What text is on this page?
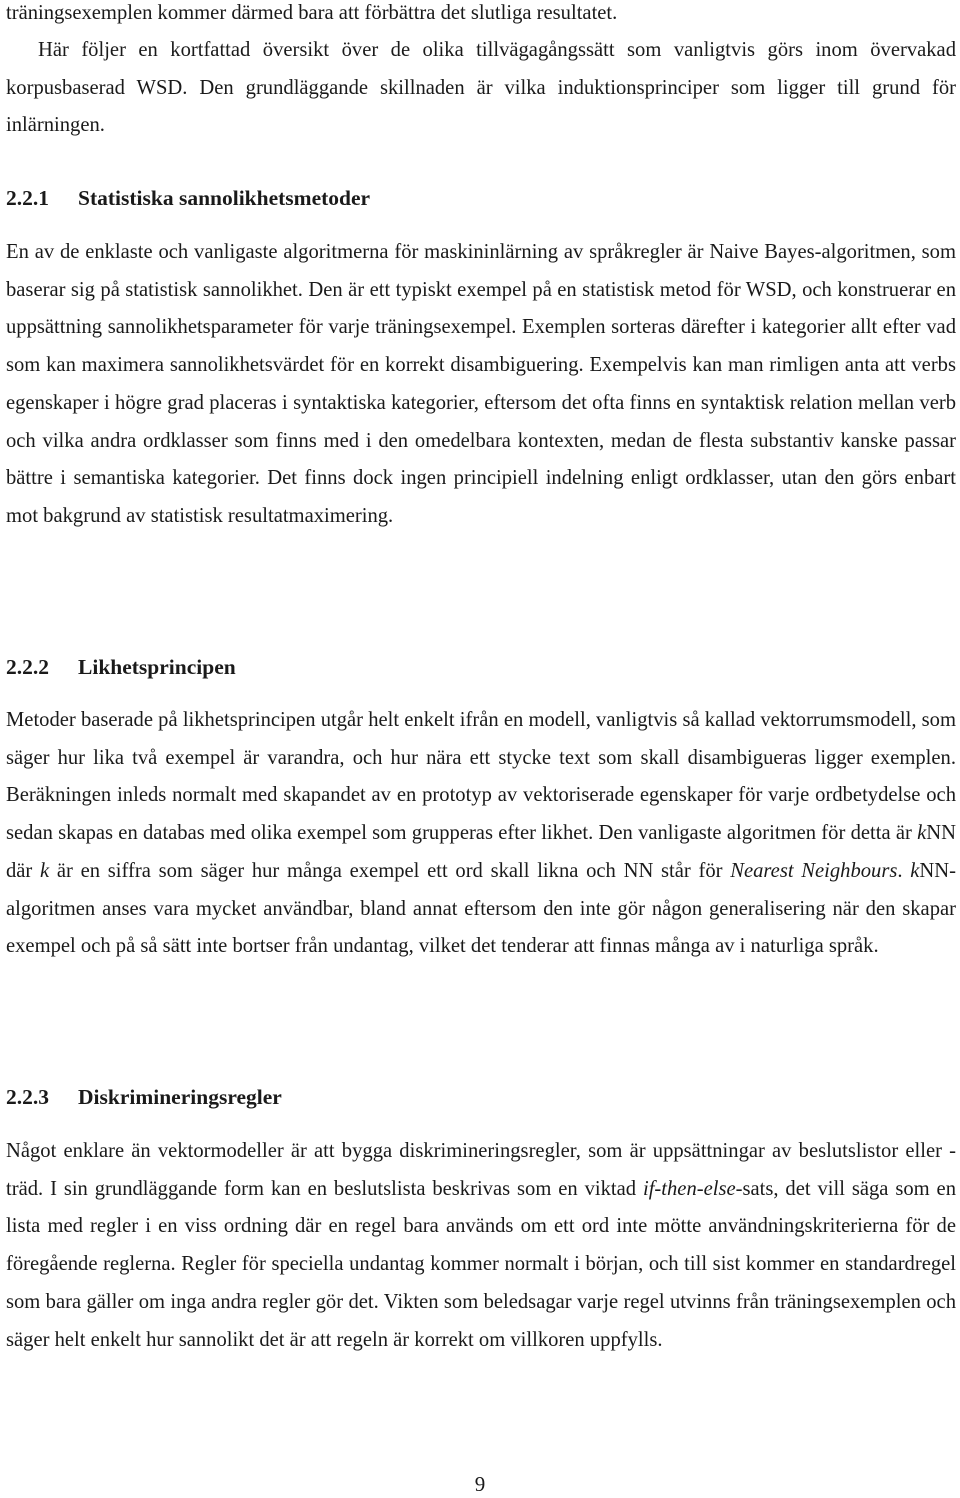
träningsexemplen kommer därmed bara att förbättra det slutliga resultatet.

Här följer en kortfattad översikt över de olika tillvägagångssätt som vanligtvis görs inom övervakad korpusbaserad WSD. Den grundläggande skillnaden är vilka induktionsprinciper som ligger till grund för inlärningen.

2.2.1 Statistiska sannolikhetsmetoder

En av de enklaste och vanligaste algoritmerna för maskininlärning av språkregler är Naive Bayes-algoritmen, som baserar sig på statistisk sannolikhet. Den är ett typiskt exempel på en statistisk metod för WSD, och konstruerar en uppsättning sannolikhetsparameter för varje träningsexempel. Exemplen sorteras därefter i kategorier allt efter vad som kan maximera sannolikhetsvärdet för en korrekt disambiguering. Exempelvis kan man rimligen anta att verbs egenskaper i högre grad placeras i syntaktiska kategorier, eftersom det ofta finns en syntaktisk relation mellan verb och vilka andra ordklasser som finns med i den omedelbara kontexten, medan de flesta substantiv kanske passar bättre i semantiska kategorier. Det finns dock ingen principiell indelning enligt ordklasser, utan den görs enbart mot bakgrund av statistisk resultatmaximering.

2.2.2 Likhetsprincipen

Metoder baserade på likhetsprincipen utgår helt enkelt ifrån en modell, vanligtvis så kallad vektorrumsmodell, som säger hur lika två exempel är varandra, och hur nära ett stycke text som skall disambigueras ligger exemplen. Beräkningen inleds normalt med skapandet av en prototyp av vektoriserade egenskaper för varje ordbetydelse och sedan skapas en databas med olika exempel som grupperas efter likhet. Den vanligaste algoritmen för detta är kNN där k är en siffra som säger hur många exempel ett ord skall likna och NN står för Nearest Neighbours. kNN-algoritmen anses vara mycket användbar, bland annat eftersom den inte gör någon generalisering när den skapar exempel och på så sätt inte bortser från undantag, vilket det tenderar att finnas många av i naturliga språk.

2.2.3 Diskrimineringsregler

Något enklare än vektormodeller är att bygga diskrimineringsregler, som är uppsättningar av beslutslistor eller -träd. I sin grundläggande form kan en beslutslista beskrivas som en viktad if-then-else-sats, det vill säga som en lista med regler i en viss ordning där en regel bara används om ett ord inte mötte användningskriterierna för de föregående reglerna. Regler för speciella undantag kommer normalt i början, och till sist kommer en standardregel som bara gäller om inga andra regler gör det. Vikten som beledsagar varje regel utvinns från träningsexemplen och säger helt enkelt hur sannolikt det är att regeln är korrekt om villkoren uppfylls.

9
